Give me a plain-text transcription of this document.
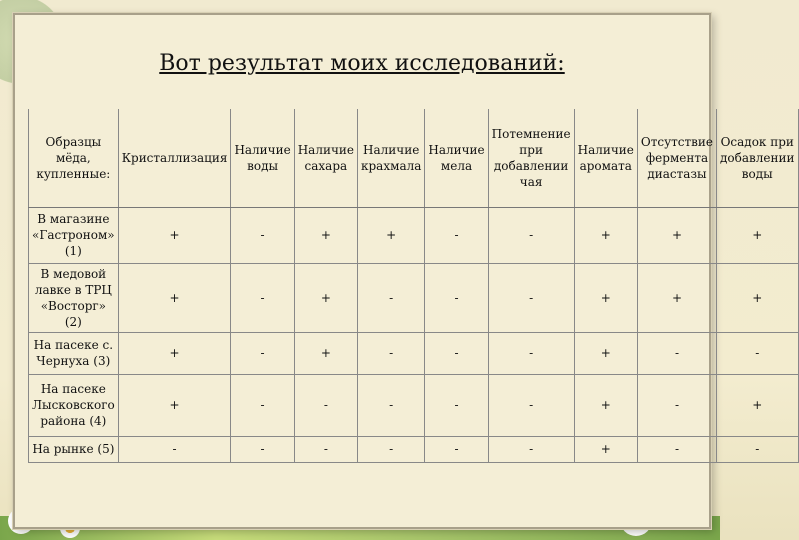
Вот результат моих исследований:
Образцы мёда, купленные:	Кристаллизация	Наличие воды	Наличие сахара	Наличие крахмала	Наличие мела	Потемнение при добавлении чая	Наличие аромата	Отсутствие фермента диастазы	Осадок при добавлении воды
В магазине «Гастроном» (1)	+	-	+	+	-	-	+	+	+
В медовой лавке в ТРЦ «Восторг» (2)	+	-	+	-	-	-	+	+	+
На пасеке с. Чернуха (3)	+	-	+	-	-	-	+	-	-
На пасеке Лысковского района (4)	+	-	-	-	-	-	+	-	+
На рынке (5)	-	-	-	-	-	-	+	-	-
